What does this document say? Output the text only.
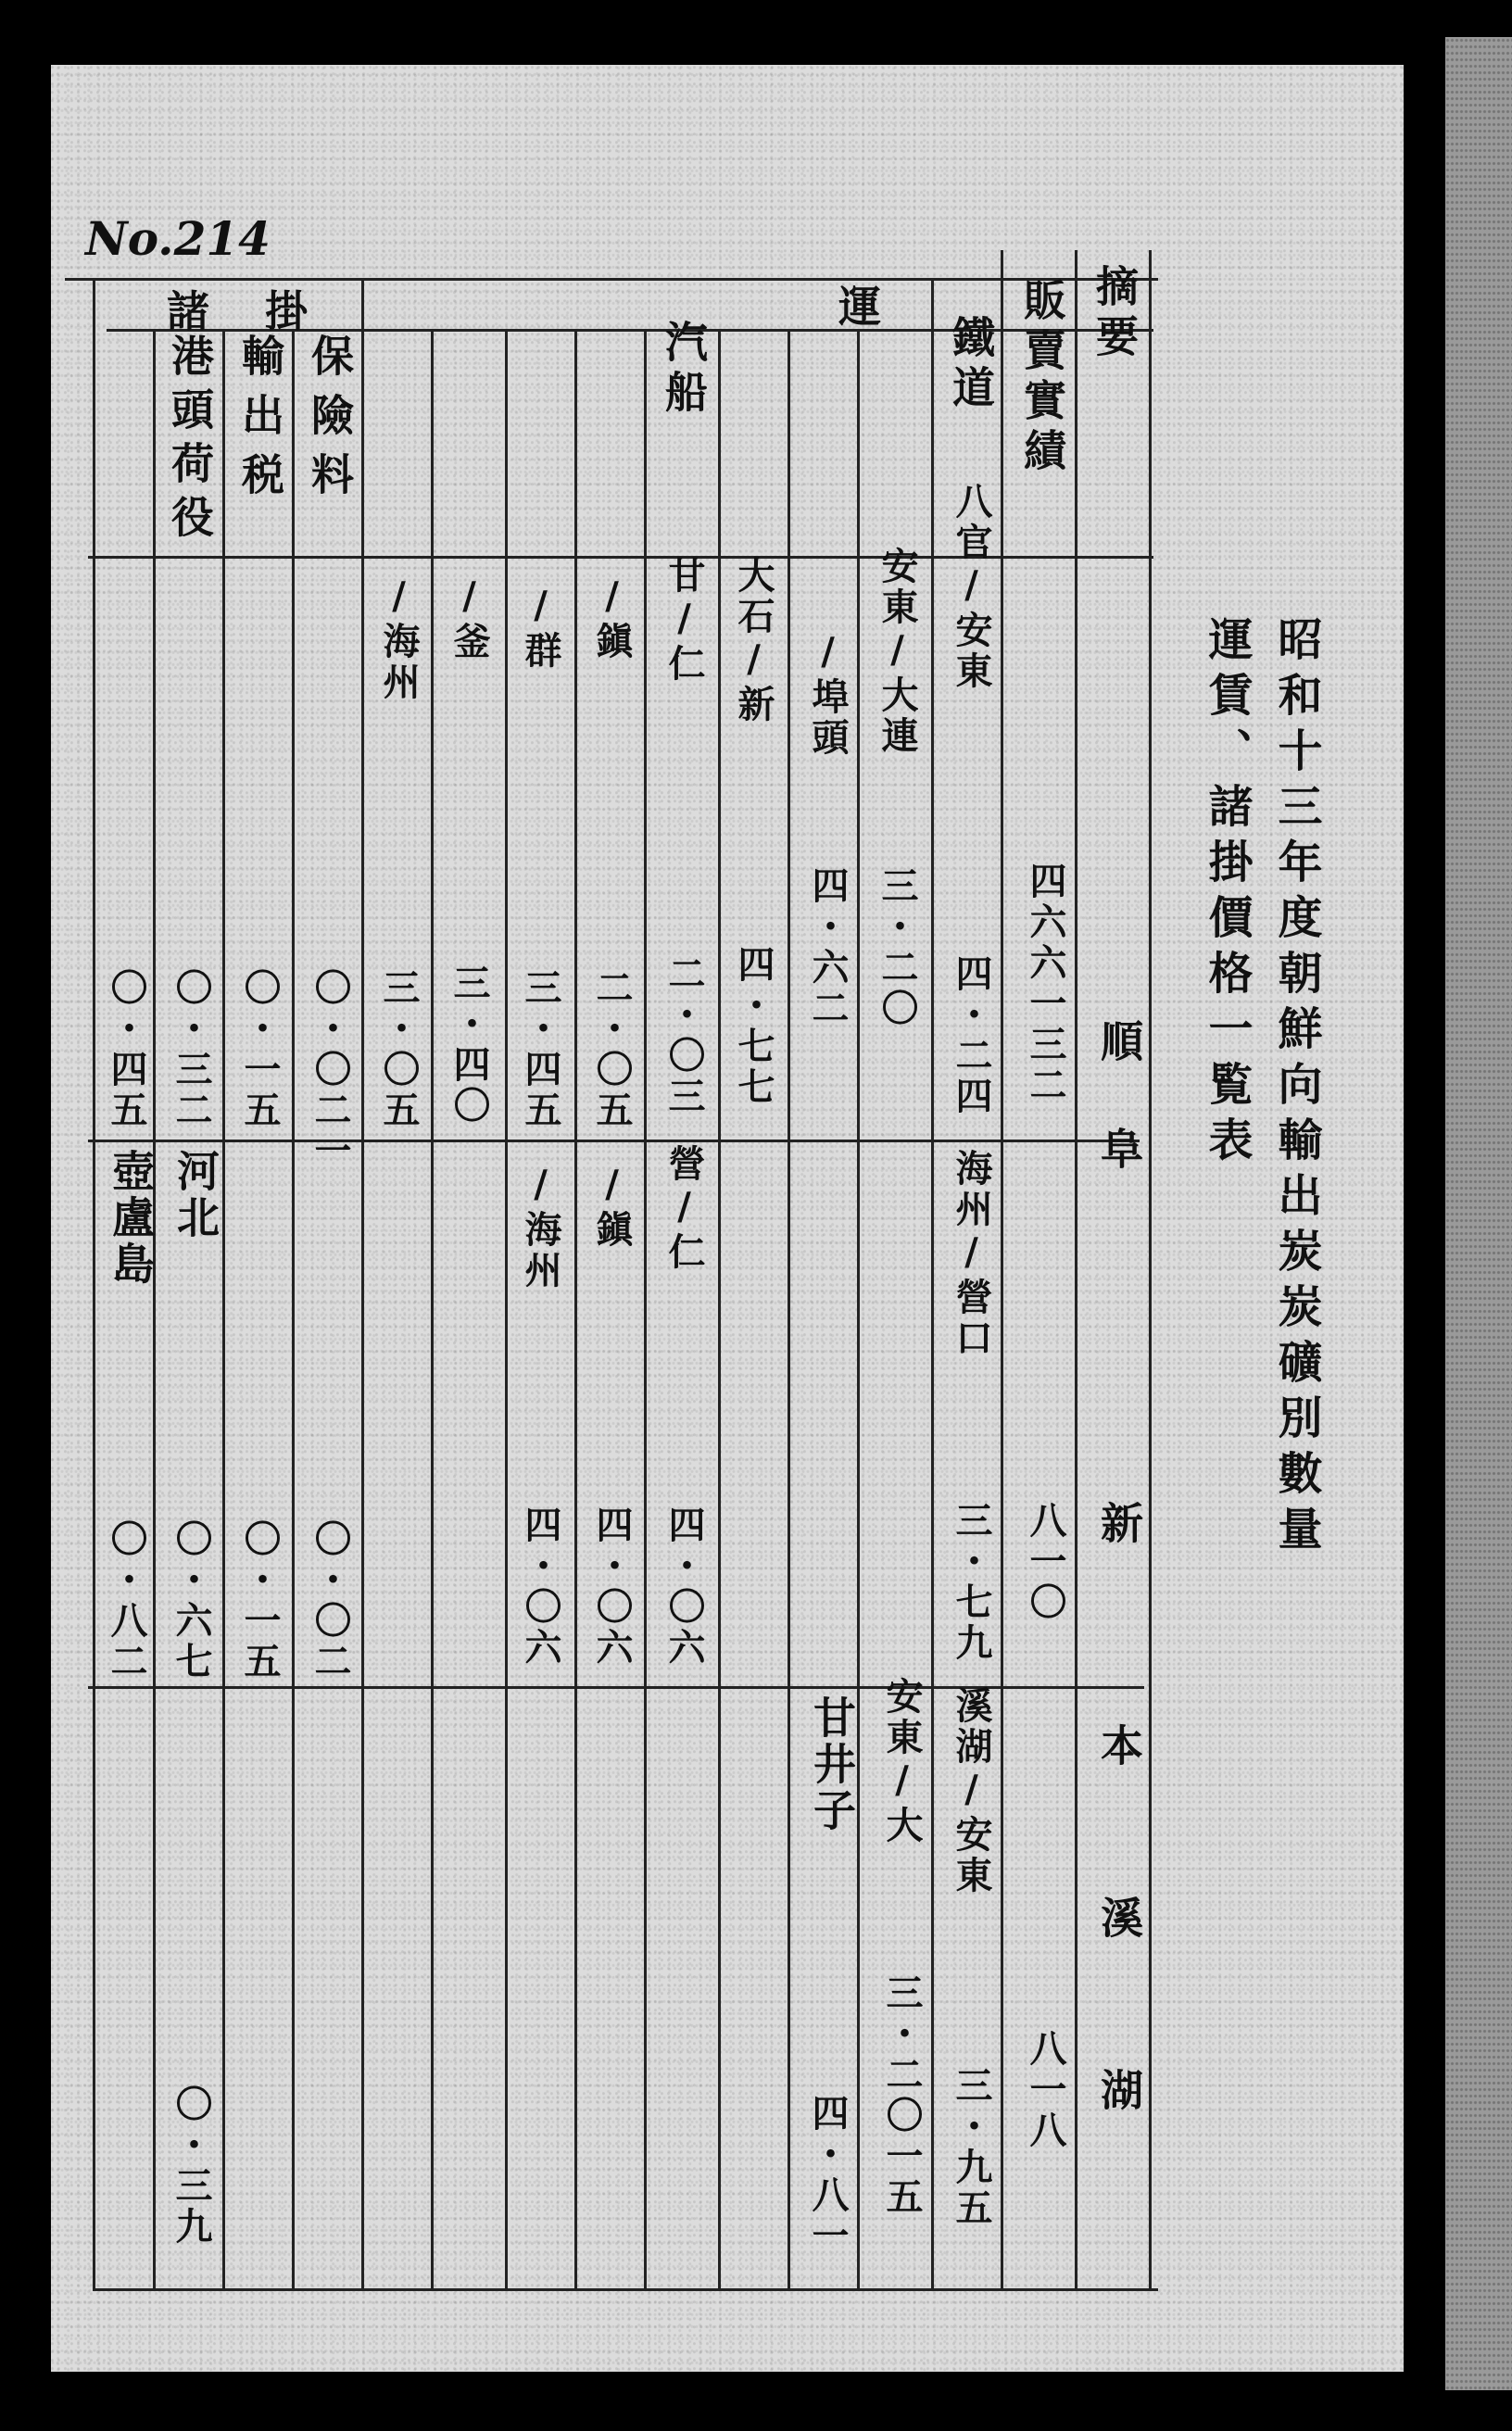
No.214
昭和十三年度朝鮮向輸出炭炭礦別數量
運賃、諸掛價格一覧表
摘要
販賣實績
鐵道
運
汽船
諸掛
保險料
輸出税
港頭荷役
順阜
新
本溪湖
四六六一三二
八官/安東
四・二四
安東/大連
三・二〇
/埠頭
四・六二
大石/新
四・七七
甘/仁
二・〇三
/鎭
二・〇五
/群
三・四五
/釜
三・四〇
/海州
三・〇五
〇・〇二一
〇・一五
〇・三二
〇・四五
八一〇
海州/營口
三・七九
營/仁
四・〇六
/鎭
四・〇六
/海州
四・〇六
〇・〇二
〇・一五
河北
〇・六七
壺盧島
〇・八二
八一八
溪湖/安東
三・九五
安東/大
三・二〇一五
甘井子
四・八一
〇・三九
